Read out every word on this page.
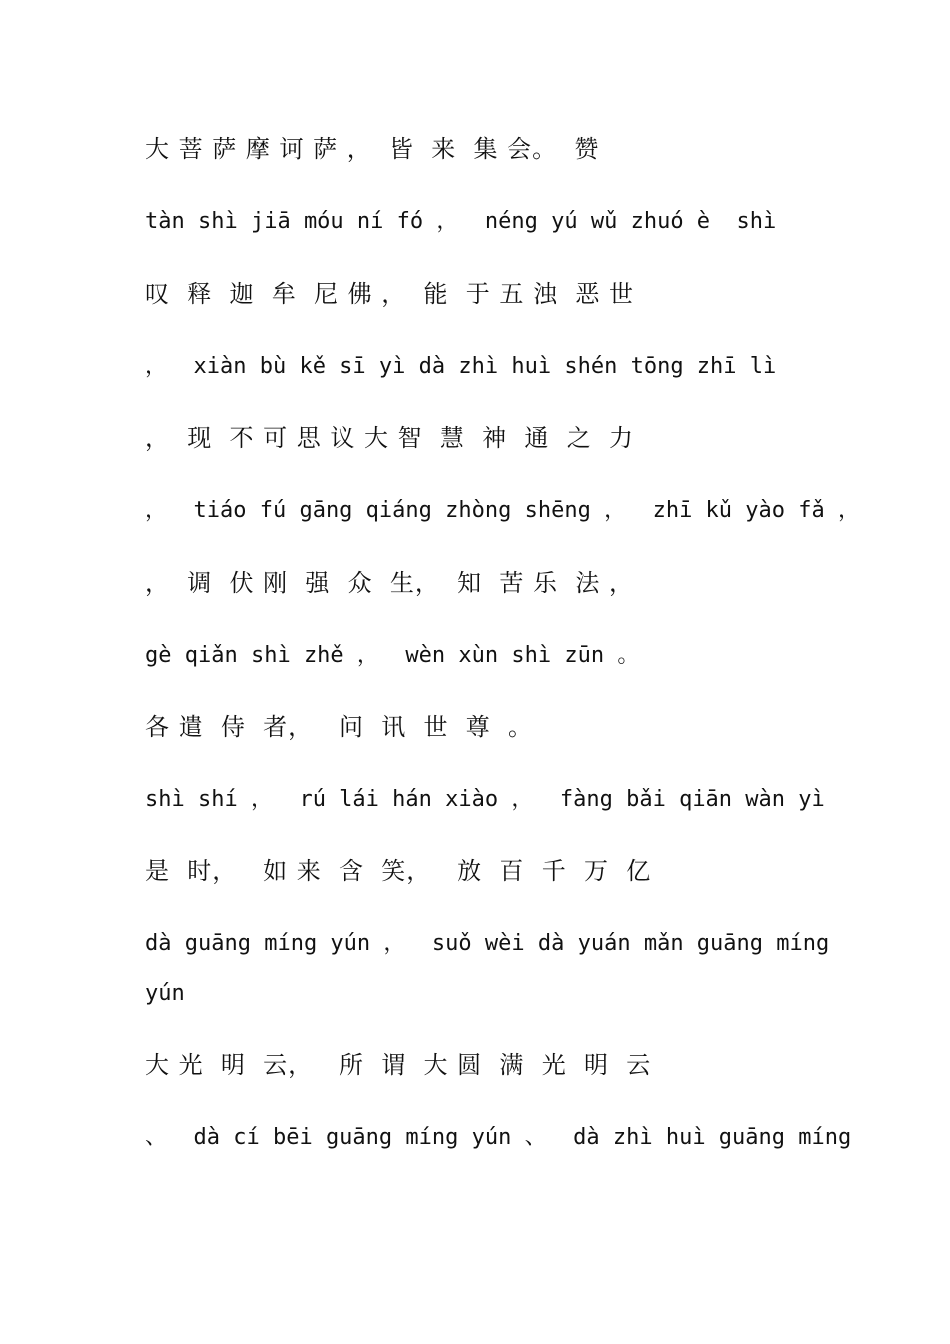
大 菩 萨 摩 诃 萨 ，  皆  来  集 会。  赞
tàn shì jiā móu ní fó ，  néng yú wǔ zhuó è  shì
叹  释  迦  牟  尼 佛 ，  能  于 五 浊  恶 世
，  xiàn bù kě sī yì dà zhì huì shén tōng zhī lì
，  现  不 可 思 议 大 智  慧  神  通  之  力
，  tiáo fú gāng qiáng zhòng shēng ，  zhī kǔ yào fǎ ，
，  调  伏 刚  强  众  生，  知  苦 乐  法 ，
gè qiǎn shì zhě ，  wèn xùn shì zūn 。
各 遣  侍  者，   问  讯  世  尊  。
shì shí ，  rú lái hán xiào ，  fàng bǎi qiān wàn yì
是  时，   如 来  含  笑，   放  百  千  万  亿
dà guāng míng yún ，  suǒ wèi dà yuán mǎn guāng míng
yún
大 光  明  云，   所  谓  大 圆  满  光  明  云
、  dà cí bēi guāng míng yún 、  dà zhì huì guāng míng
